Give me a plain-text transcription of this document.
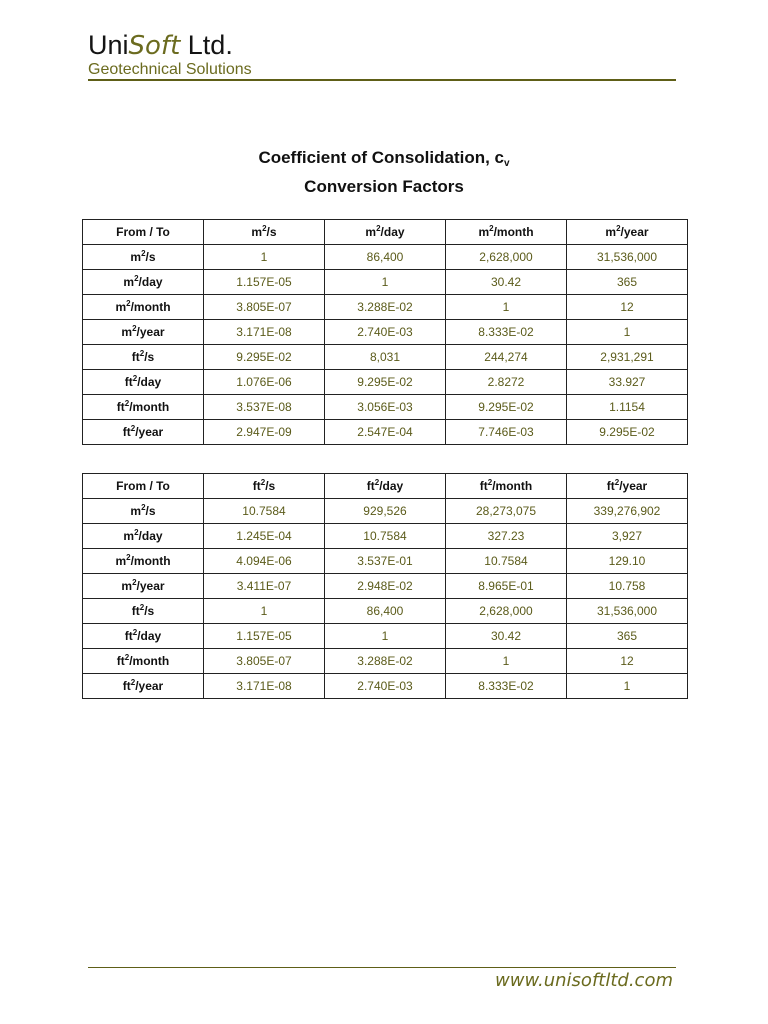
UniSoft Ltd.
Geotechnical Solutions
Coefficient of Consolidation, $c_v$
Conversion Factors
From / To	$m^2/s$	$m^2$/day	$m^2$/month	$m^2$/year
$m^2/s$	1	86,400	2,628,000	31,536,000
$m^2$/day	1.157E-05	1	30.42	365
$m^2$/month	3.805E-07	3.288E-02	1	12
$m^2$/year	3.171E-08	2.740E-03	8.333E-02	1
$ft^2/s$	9.295E-02	8,031	244,274	2,931,291
$ft^2$/day	1.076E-06	9.295E-02	2.8272	33.927
$ft^2$/month	3.537E-08	3.056E-03	9.295E-02	1.1154
$ft^2$/year	2.947E-09	2.547E-04	7.746E-03	9.295E-02
From / To	$ft^2/s$	$ft^2$/day	$ft^2$/month	$ft^2$/year
$m^2/s$	10.7584	929,526	28,273,075	339,276,902
$m^2$/day	1.245E-04	10.7584	327.23	3,927
$m^2$/month	4.094E-06	3.537E-01	10.7584	129.10
$m^2$/year	3.411E-07	2.948E-02	8.965E-01	10.758
$ft^2/s$	1	86,400	2,628,000	31,536,000
$ft^2$/day	1.157E-05	1	30.42	365
$ft^2$/month	3.805E-07	3.288E-02	1	12
$ft^2$/year	3.171E-08	2.740E-03	8.333E-02	1
www.unisoftltd.com
